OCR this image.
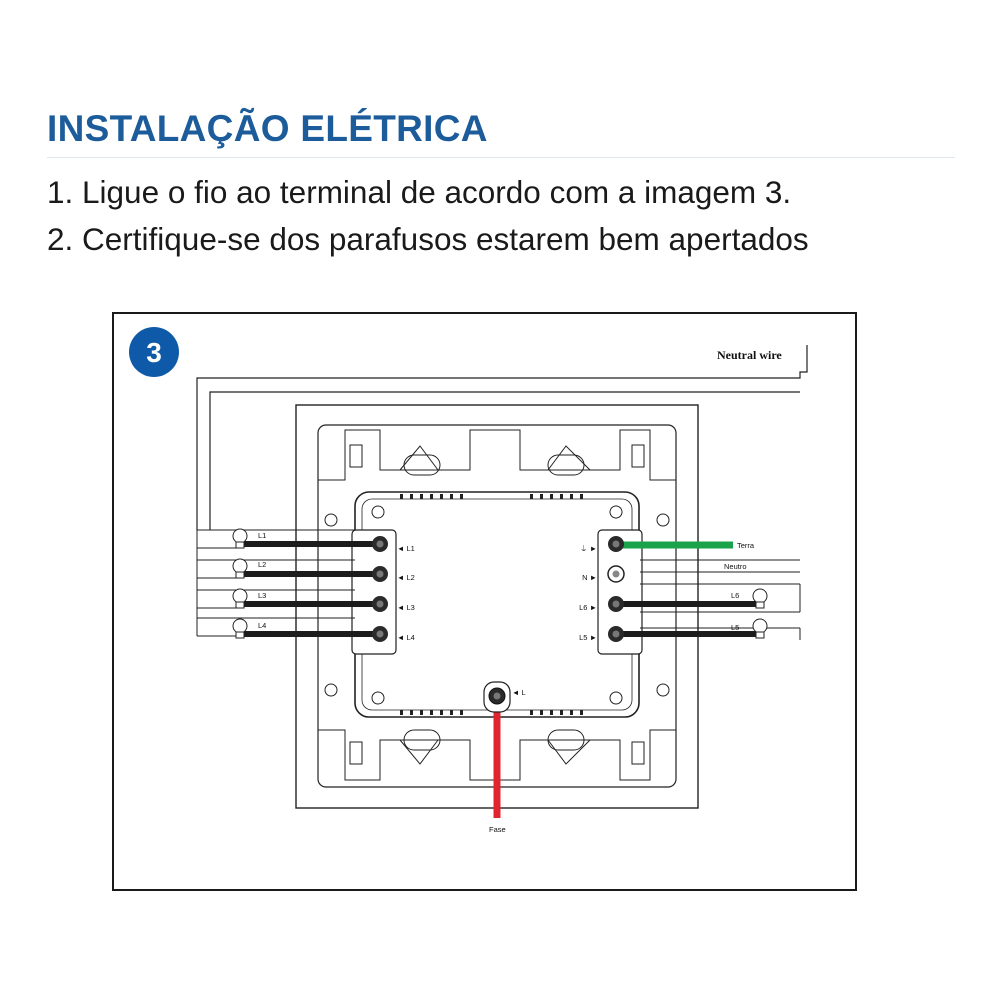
INSTALAÇÃO ELÉTRICA
1. Ligue o fio ao terminal de acordo com a imagem 3.
2. Certifique-se dos parafusos estarem bem apertados
3	Neutral wire
L1
L2
L3
L4
◄ L1
◄ L2
◄ L3
◄ L4
⏚ ►
N ►
L6 ►
L5 ►
Terra
Neutro
L6
L5
◄ L
Fase
